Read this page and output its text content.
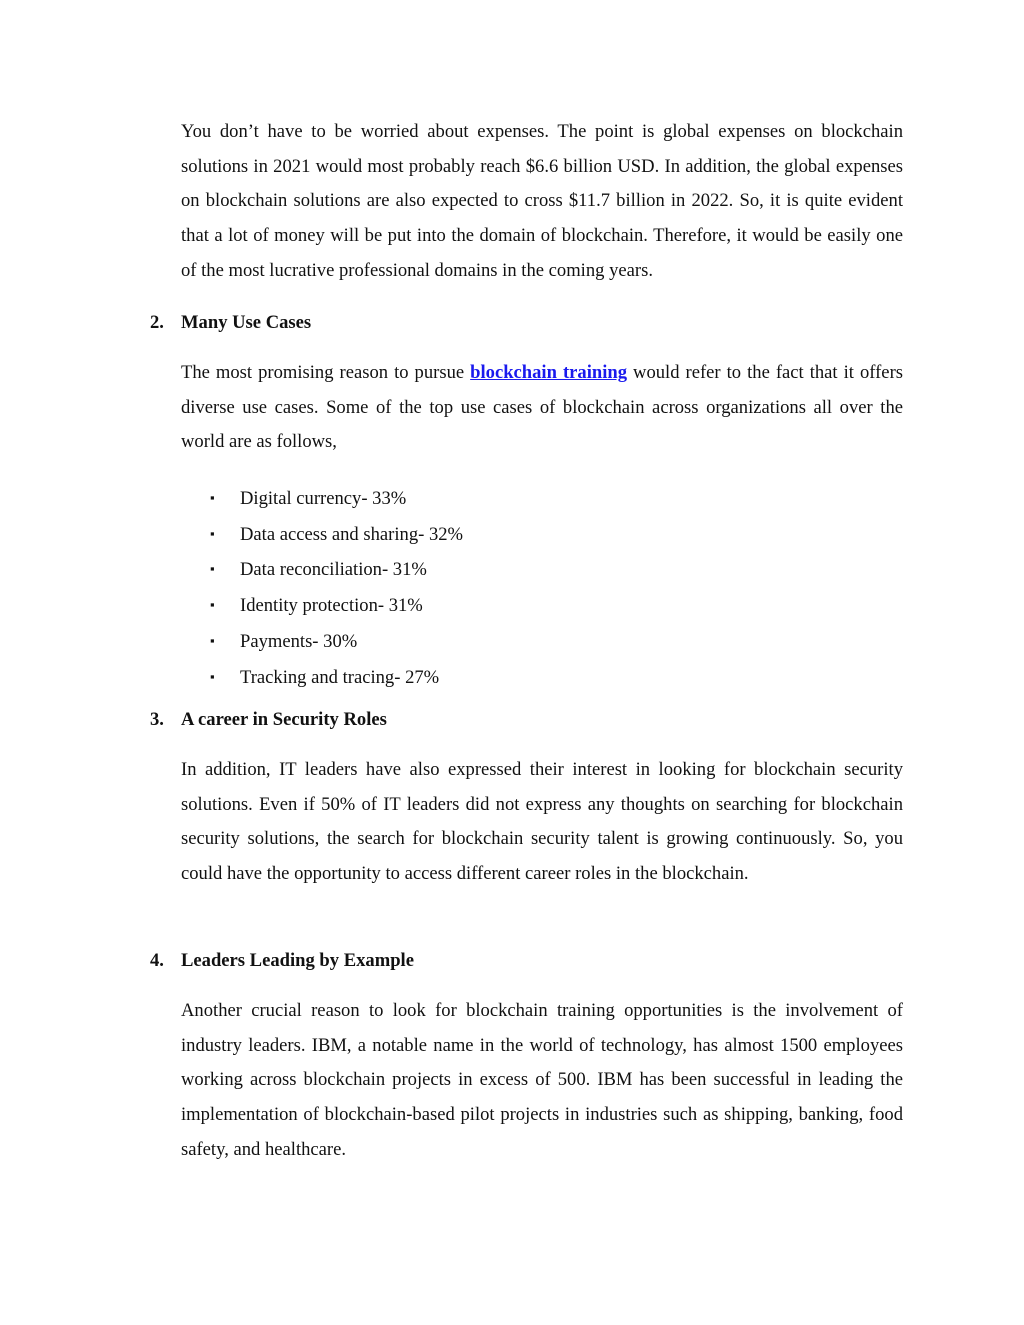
You don’t have to be worried about expenses. The point is global expenses on blockchain solutions in 2021 would most probably reach $6.6 billion USD. In addition, the global expenses on blockchain solutions are also expected to cross $11.7 billion in 2022. So, it is quite evident that a lot of money will be put into the domain of blockchain. Therefore, it would be easily one of the most lucrative professional domains in the coming years.

2. Many Use Cases

The most promising reason to pursue blockchain training would refer to the fact that it offers diverse use cases. Some of the top use cases of blockchain across organizations all over the world are as follows,

▪ Digital currency- 33%
▪ Data access and sharing- 32%
▪ Data reconciliation- 31%
▪ Identity protection- 31%
▪ Payments- 30%
▪ Tracking and tracing- 27%
3. A career in Security Roles

In addition, IT leaders have also expressed their interest in looking for blockchain security solutions. Even if 50% of IT leaders did not express any thoughts on searching for blockchain security solutions, the search for blockchain security talent is growing continuously. So, you could have the opportunity to access different career roles in the blockchain.

4. Leaders Leading by Example

Another crucial reason to look for blockchain training opportunities is the involvement of industry leaders. IBM, a notable name in the world of technology, has almost 1500 employees working across blockchain projects in excess of 500. IBM has been successful in leading the implementation of blockchain-based pilot projects in industries such as shipping, banking, food safety, and healthcare.
